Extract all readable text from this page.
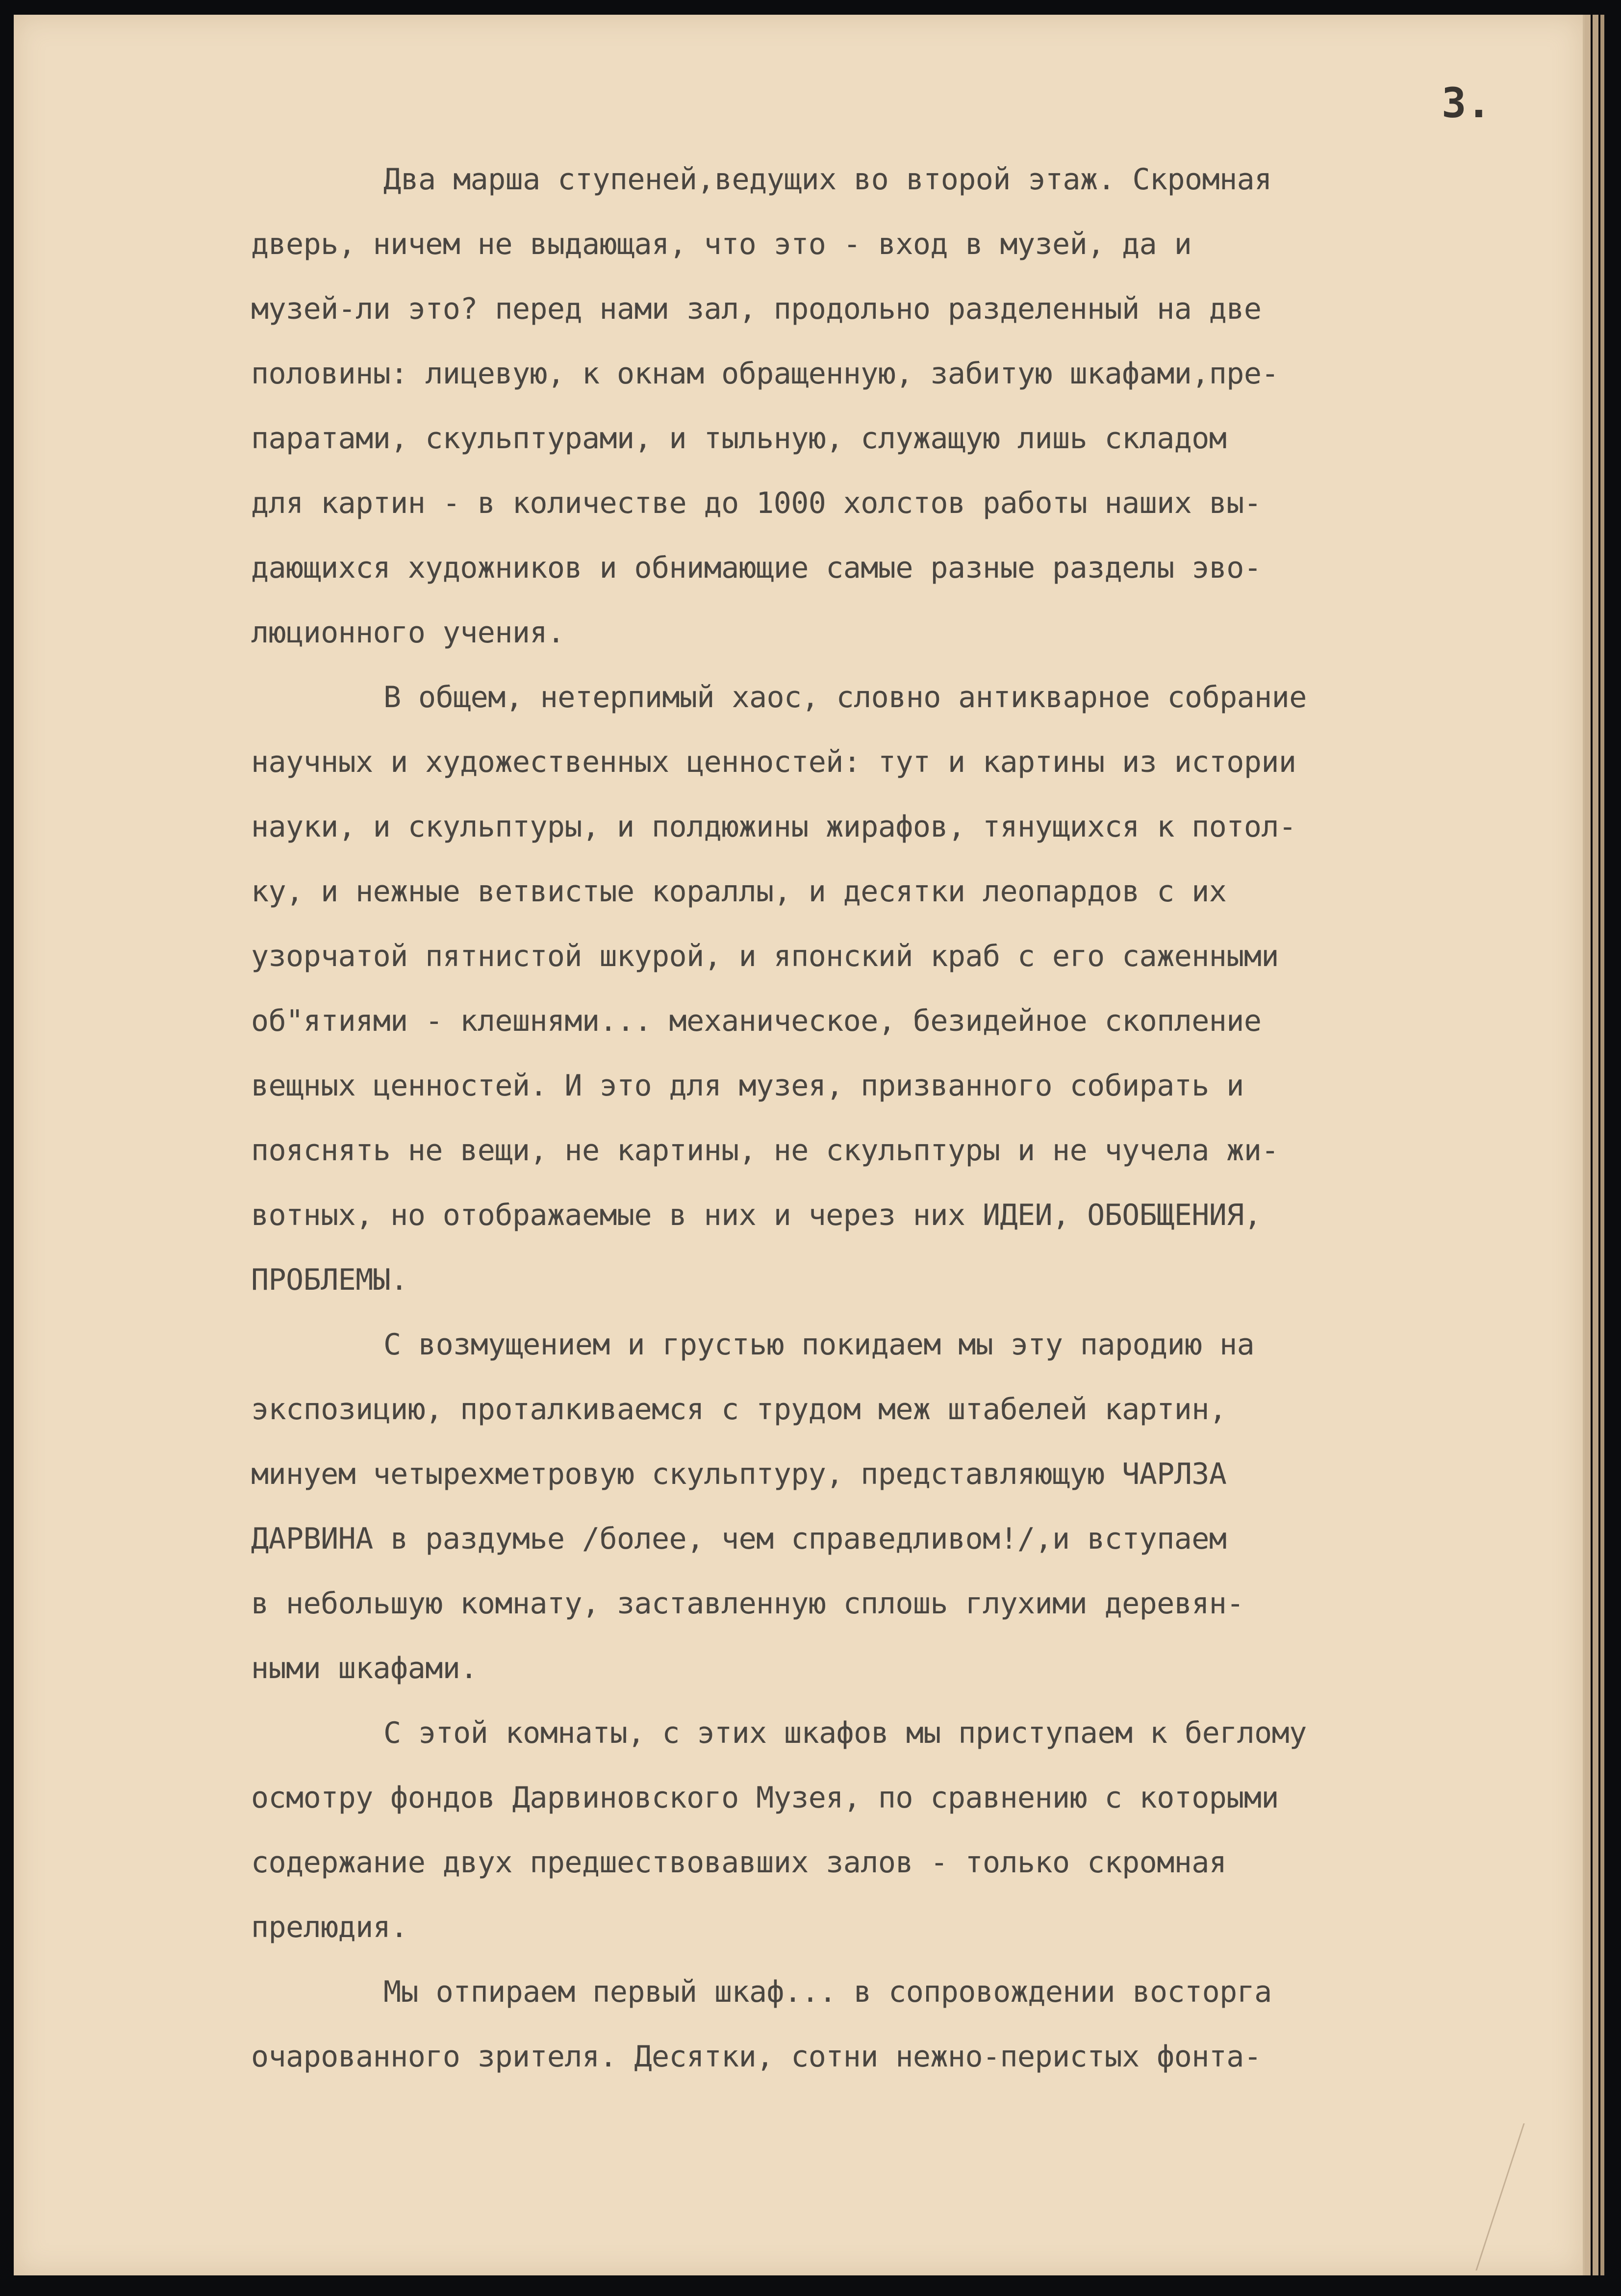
3.
Два марша ступеней,ведущих во второй этаж. Скромная
дверь, ничем не выдающая, что это - вход в музей, да и
музей-ли это? перед нами зал, продольно разделенный на две
половины: лицевую, к окнам обращенную, забитую шкафами,пре-
паратами, скульптурами, и тыльную, служащую лишь складом
для картин - в количестве до 1000 холстов работы наших вы-
дающихся художников и обнимающие самые разные разделы эво-
люционного учения.
В общем, нетерпимый хаос, словно антикварное собрание
научных и художественных ценностей: тут и картины из истории
науки, и скульптуры, и полдюжины жирафов, тянущихся к потол-
ку, и нежные ветвистые кораллы, и десятки леопардов с их
узорчатой пятнистой шкурой, и японский краб с его саженными
об"ятиями - клешнями... механическое, безидейное скопление
вещных ценностей. И это для музея, призванного собирать и
пояснять не вещи, не картины, не скульптуры и не чучела жи-
вотных, но отображаемые в них и через них ИДЕИ, ОБОБЩЕНИЯ,
ПРОБЛЕМЫ.
С возмущением и грустью покидаем мы эту пародию на
экспозицию, проталкиваемся с трудом меж штабелей картин,
минуем четырехметровую скульптуру, представляющую ЧАРЛЗА
ДАРВИНА в раздумье /более, чем справедливом!/,и вступаем
в небольшую комнату, заставленную сплошь глухими деревян-
ными шкафами.
С этой комнаты, с этих шкафов мы приступаем к беглому
осмотру фондов Дарвиновского Музея, по сравнению с которыми
содержание двух предшествовавших залов - только скромная
прелюдия.
Мы отпираем первый шкаф... в сопровождении восторга
очарованного зрителя. Десятки, сотни нежно-перистых фонта-
